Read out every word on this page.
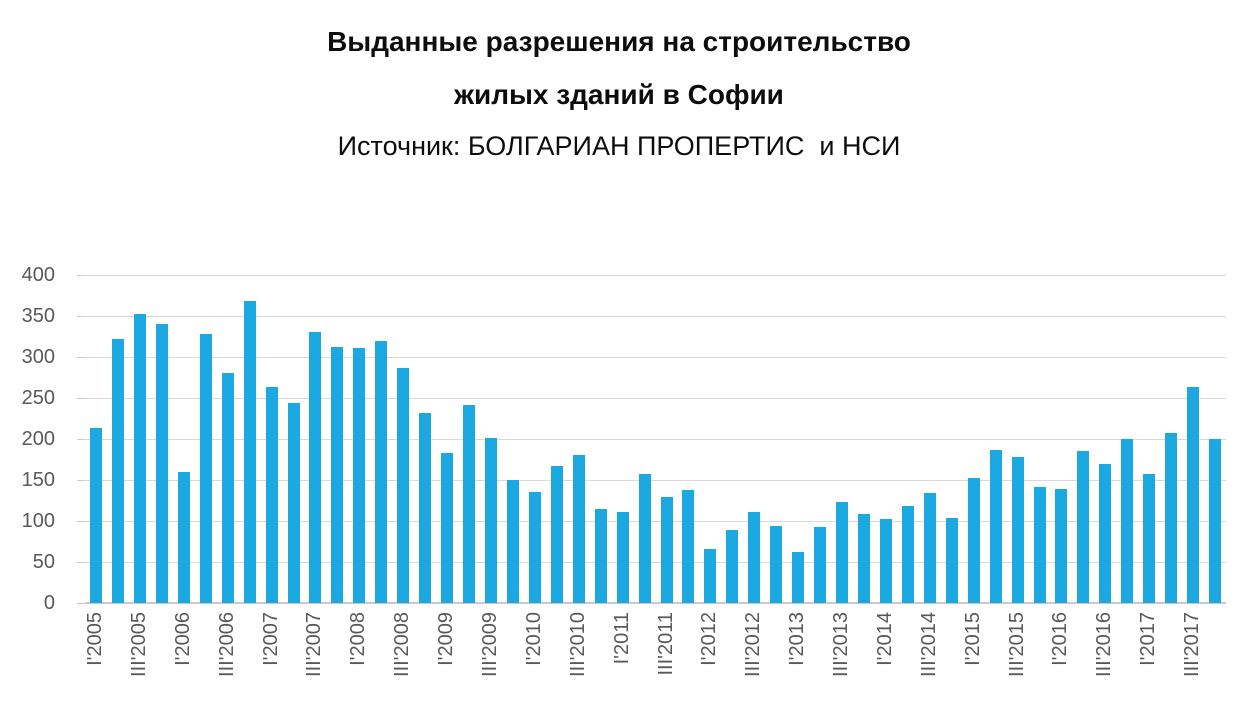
Выданные разрешения на строительство
жилых зданий в Софии
Источник: БОЛГАРИАН ПРОПЕРТИС  и НСИ
0
50
100
150
200
250
300
350
400
I'2005 III'2005 I'2006 III'2006 I'2007 III'2007 I'2008 III'2008 I'2009 III'2009 I'2010 III'2010 I'2011 III'2011 I'2012 III'2012 I'2013 III'2013 I'2014 III'2014 I'2015 III'2015 I'2016 III'2016 I'2017 III'2017
